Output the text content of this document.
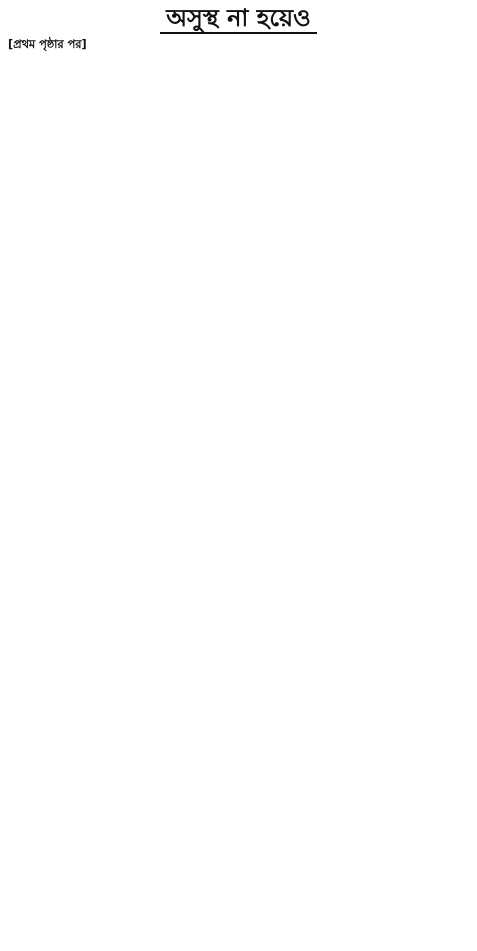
অসুস্থ না হয়েও

[প্রথম পৃষ্ঠার পর]
